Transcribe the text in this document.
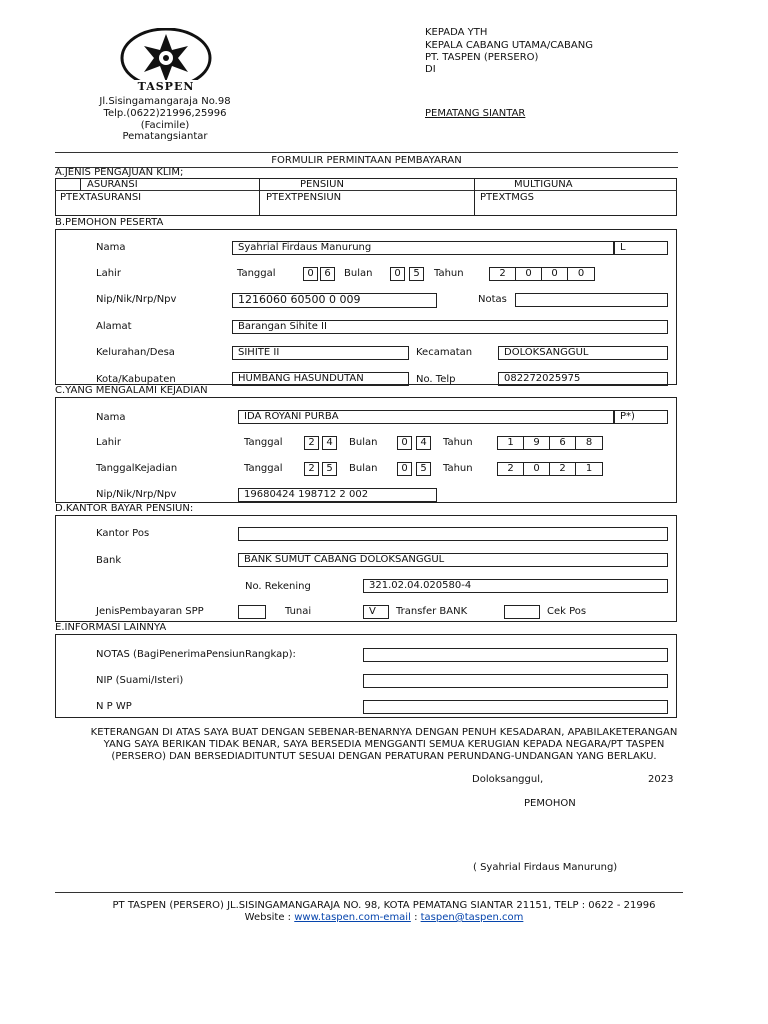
TASPEN
Jl.Sisingamangaraja No.98
Telp.(0622)21996,25996
(Facimile)
Pematangsiantar
KEPADA YTH
KEPALA CABANG UTAMA/CABANG
PT. TASPEN (PERSERO)
DI
PEMATANG SIANTAR
FORMULIR PERMINTAAN PEMBAYARAN
A.JENIS PENGAJUAN KLIM;
ASURANSI	PENSIUN	MULTIGUNA
PTEXTASURANSI	PTEXTPENSIUN	PTEXTMGS
B.PEMOHON PESERTA
Nama	Syahrial Firdaus Manurung	L
Lahir	Tanggal	0	6	Bulan	0	5	Tahun	2	0	0	0
Nip/Nik/Nrp/Npv	1216060 60500 0 009	Notas
Alamat	Barangan Sihite II
Kelurahan/Desa	SIHITE II	Kecamatan	DOLOKSANGGUL
Kota/Kabupaten	HUMBANG HASUNDUTAN	No. Telp	082272025975
C.YANG MENGALAMI KEJADIAN
Nama	IDA ROYANI PURBA	P*)
Lahir	Tanggal	2	4	Bulan	0	4	Tahun	1	9	6	8
TanggalKejadian	Tanggal	2	5	Bulan	0	5	Tahun	2	0	2	1
Nip/Nik/Nrp/Npv	19680424 198712 2 002
D.KANTOR BAYAR PENSIUN:
Kantor Pos
Bank	BANK SUMUT CABANG DOLOKSANGGUL
No. Rekening	321.02.04.020580-4
JenisPembayaran SPP	Tunai	V	Transfer BANK	Cek Pos
E.INFORMASI LAINNYA
NOTAS (BagiPenerimaPensiunRangkap):
NIP (Suami/Isteri)
N P WP
KETERANGAN DI ATAS SAYA BUAT DENGAN SEBENAR-BENARNYA DENGAN PENUH KESADARAN, APABILAKETERANGAN
YANG SAYA BERIKAN TIDAK BENAR, SAYA BERSEDIA MENGGANTI SEMUA KERUGIAN KEPADA NEGARA/PT TASPEN
(PERSERO) DAN BERSEDIADITUNTUT SESUAI DENGAN PERATURAN PERUNDANG-UNDANGAN YANG BERLAKU.
Doloksanggul,	2023
PEMOHON
( Syahrial Firdaus Manurung)
PT TASPEN (PERSERO) JL.SISINGAMANGARAJA NO. 98, KOTA PEMATANG SIANTAR 21151, TELP : 0622 - 21996
Website : www.taspen.com-email : taspen@taspen.com
